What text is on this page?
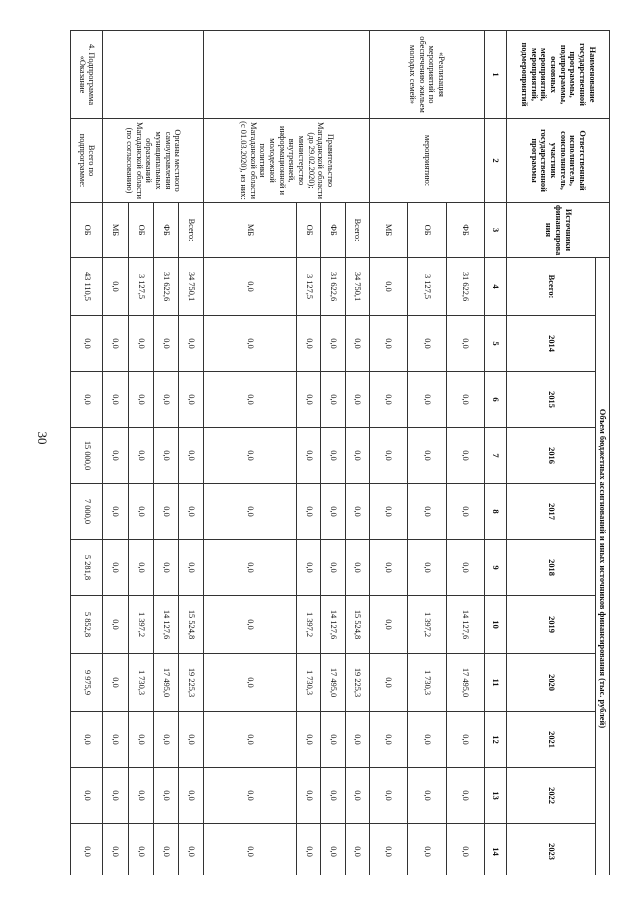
30
Наименование государственной программы, подпрограммы, основных мероприятий, мероприятий, подмероприятий	Ответственный исполнитель, соисполнитель, участник государственной программы	Источники финансирова ния	Объем бюджетных ассигнований и иных источников финансирования (тыс. рублей)										
			Всего:	2014	2015	2016	2017	2018	2019	2020	2021	2022	2023
1	2	3	4	5	6	7	8	9	10	11	12	13	14
«Реализация мероприятий по обеспечению жильем молодых семей»	мероприятию:	ФБ	31 622,6	0,0	0,0	0,0	0,0	0,0	14 127,6	17 495,0	0,0	0,0	0,0
		ОБ	3 127,5	0,0	0,0	0,0	0,0	0,0	1 397,2	1 730,3	0,0	0,0	0,0
		МБ	0,0	0,0	0,0	0,0	0,0	0,0	0,0	0,0	0,0	0,0	0,0
	Правительство Магаданской области (до 29.02.2020); министерство внутренней, информационной и молодежной политики Магаданской области (с 01.03.2020), из них:	Всего:	34 750,1	0,0	0,0	0,0	0,0	0,0	15 524,8	19 225,3	0,0	0,0	0,0
		ФБ	31 622,6	0,0	0,0	0,0	0,0	0,0	14 127,6	17 495,0	0,0	0,0	0,0
		ОБ	3 127,5	0,0	0,0	0,0	0,0	0,0	1 397,2	1 730,3	0,0	0,0	0,0
		МБ	0,0	0,0	0,0	0,0	0,0	0,0	0,0	0,0	0,0	0,0	0,0
	Органы местного самоуправления муниципальных образований Магаданской области (по согласованию)	Всего:	34 750,1	0,0	0,0	0,0	0,0	0,0	15 524,8	19 225,3	0,0	0,0	0,0
		ФБ	31 622,6	0,0	0,0	0,0	0,0	0,0	14 127,6	17 495,0	0,0	0,0	0,0
		ОБ	3 127,5	0,0	0,0	0,0	0,0	0,0	1 397,2	1 730,3	0,0	0,0	0,0
		МБ	0,0	0,0	0,0	0,0	0,0	0,0	0,0	0,0	0,0	0,0	0,0
4. Подпрограмма «Оказание	Всего по подпрограмме:	ОБ	43 110,5	0,0	0,0	15 000,0	7 000,0	5 281,8	5 852,8	9 975,9	0,0	0,0	0,0
